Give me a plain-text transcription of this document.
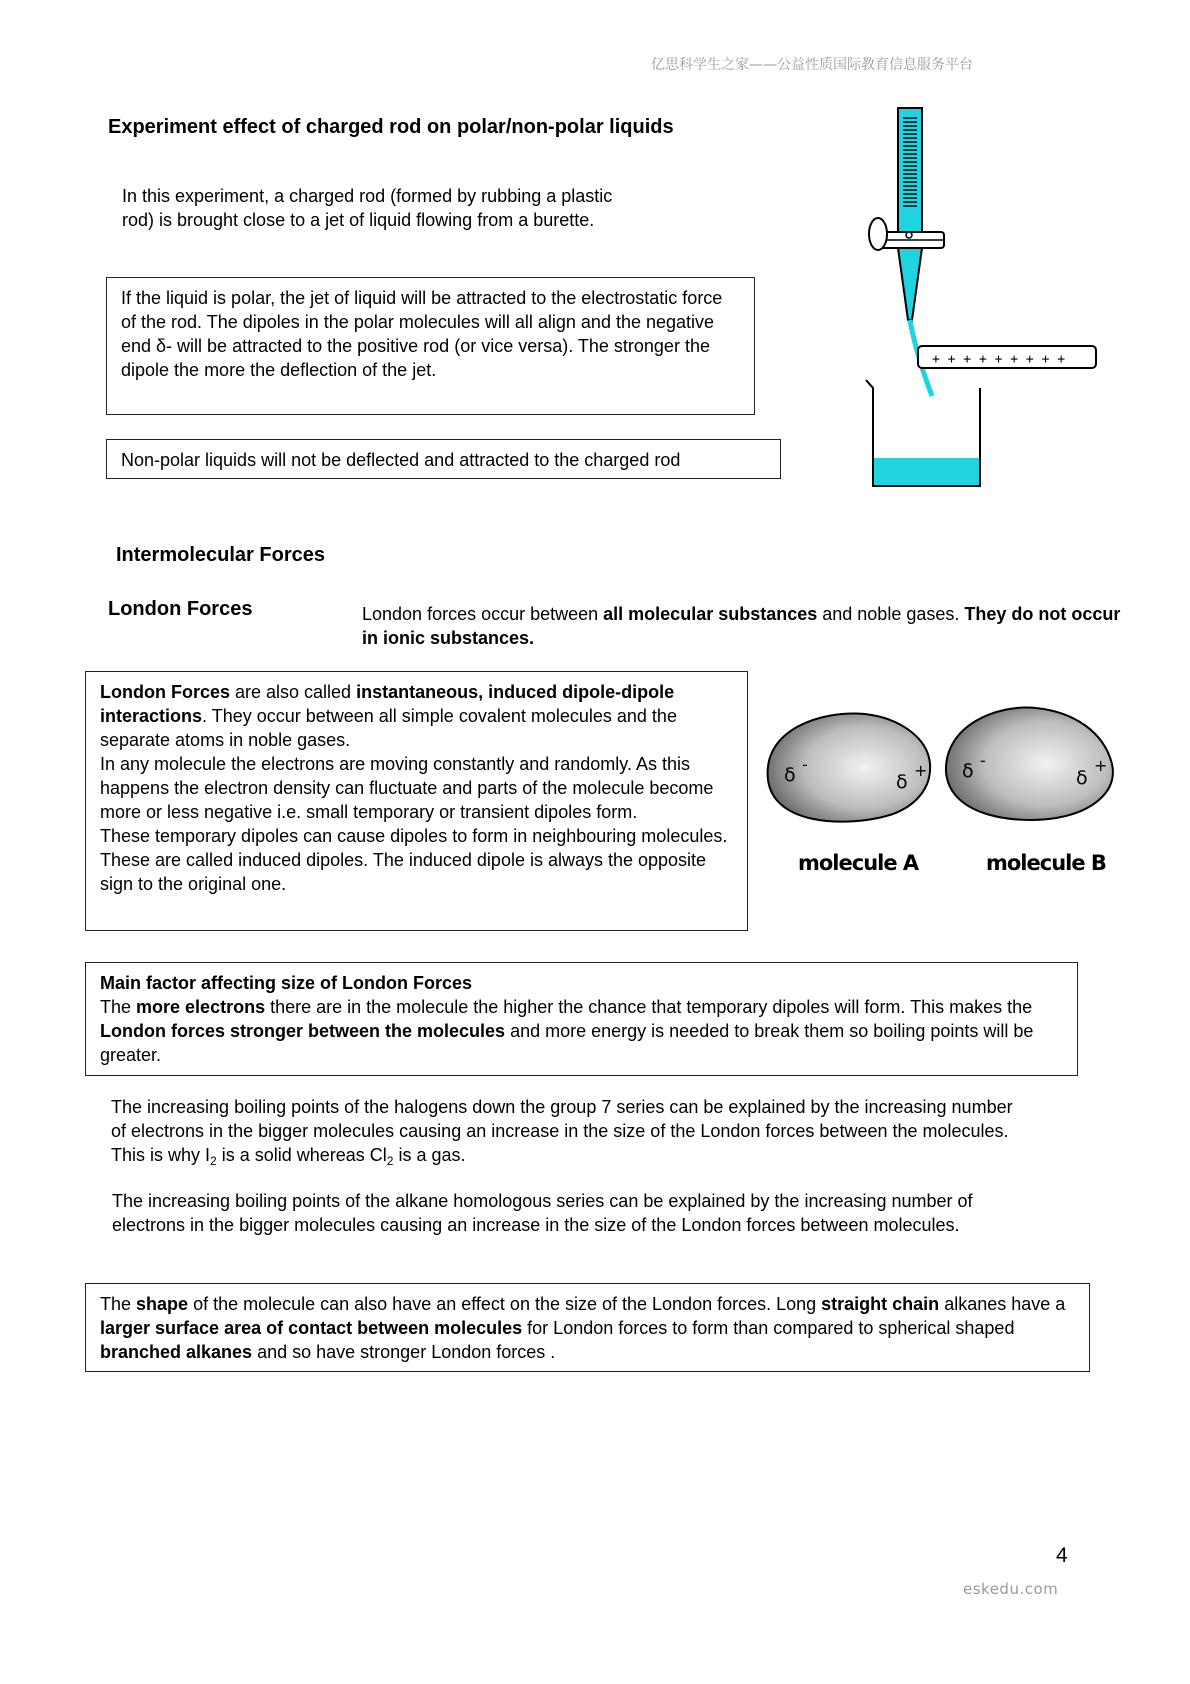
亿思科学生之家——公益性质国际教育信息服务平台
Experiment effect of charged rod on polar/non-polar liquids
In this experiment, a charged rod (formed by rubbing a plastic rod) is brought close to a jet of liquid flowing from a burette.
If the liquid is polar, the jet of liquid will be attracted to the electrostatic force of the rod. The dipoles in the polar molecules will all align and the negative end δ- will be attracted to the positive rod (or vice versa). The stronger the dipole the more the deflection of the jet.
Non-polar liquids will not be deflected and attracted to the charged rod
+ + + + + + + + +
Intermolecular Forces
London Forces	London forces occur between all molecular substances and noble gases. They do not occur in ionic substances.
London Forces are also called instantaneous, induced dipole-dipole interactions. They occur between all simple covalent molecules and the separate atoms in noble gases.
In any molecule the electrons are moving constantly and randomly. As this happens the electron density can fluctuate and parts of the molecule become more or less negative i.e. small temporary or transient dipoles form.
These temporary dipoles can cause dipoles to form in neighbouring molecules. These are called induced dipoles. The induced dipole is always the opposite sign to the original one.
δ -
δ
+
molecule A
δ -
δ
+
molecule B
Main factor affecting size of London Forces
The more electrons there are in the molecule the higher the chance that temporary dipoles will form. This makes the London forces stronger between the molecules and more energy is needed to break them so boiling points will be greater.
The increasing boiling points of the halogens down the group 7 series can be explained by the increasing number of electrons in the bigger molecules causing an increase in the size of the London forces between the molecules. This is why $I_2$ is a solid whereas $Cl_2$ is a gas.
The increasing boiling points of the alkane homologous series can be explained by the increasing number of electrons in the bigger molecules causing an increase in the size of the London forces between molecules.
The shape of the molecule can also have an effect on the size of the London forces. Long straight chain alkanes have a larger surface area of contact between molecules for London forces to form than compared to spherical shaped branched alkanes and so have stronger London forces .
4
eskedu.com
